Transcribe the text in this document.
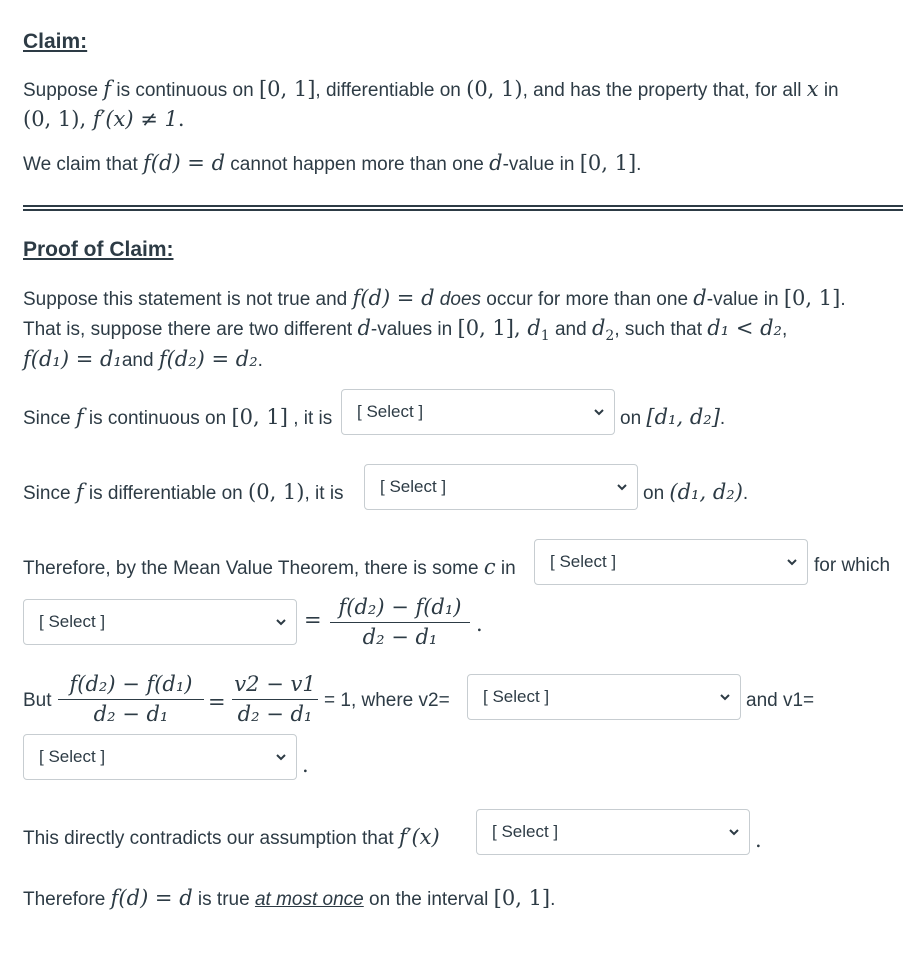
Claim:
Suppose f is continuous on [0, 1], differentiable on (0, 1), and has the property that, for all x in
(0, 1), f′(x) ≠ 1.
We claim that f(d) = d cannot happen more than one d-value in [0, 1].
Proof of Claim:
Suppose this statement is not true and f(d) = d does occur for more than one d-value in [0, 1].
That is, suppose there are two different d-values in [0, 1], $d_1$ and $d_2$, such that d₁ < d₂,
f(d₁) = d₁and f(d₂) = d₂.
Since f is continuous on [0, 1] , it is	[ Select ]	on [d₁, d₂].
Since f is differentiable on (0, 1), it is	[ Select ]	on (d₁, d₂).
Therefore, by the Mean Value Theorem, there is some c in	[ Select ]	for which
[ Select ]	=
f(d₂) − f(d₁)
d₂ − d₁
.
But
f(d₂) − f(d₁)
d₂ − d₁	=
v2 − v1
d₂ − d₁
= 1, where v2=	[ Select ]	and v1=
[ Select ]	.
This directly contradicts our assumption that f′(x)	[ Select ]	.
Therefore f(d) = d is true at most once on the interval [0, 1].
